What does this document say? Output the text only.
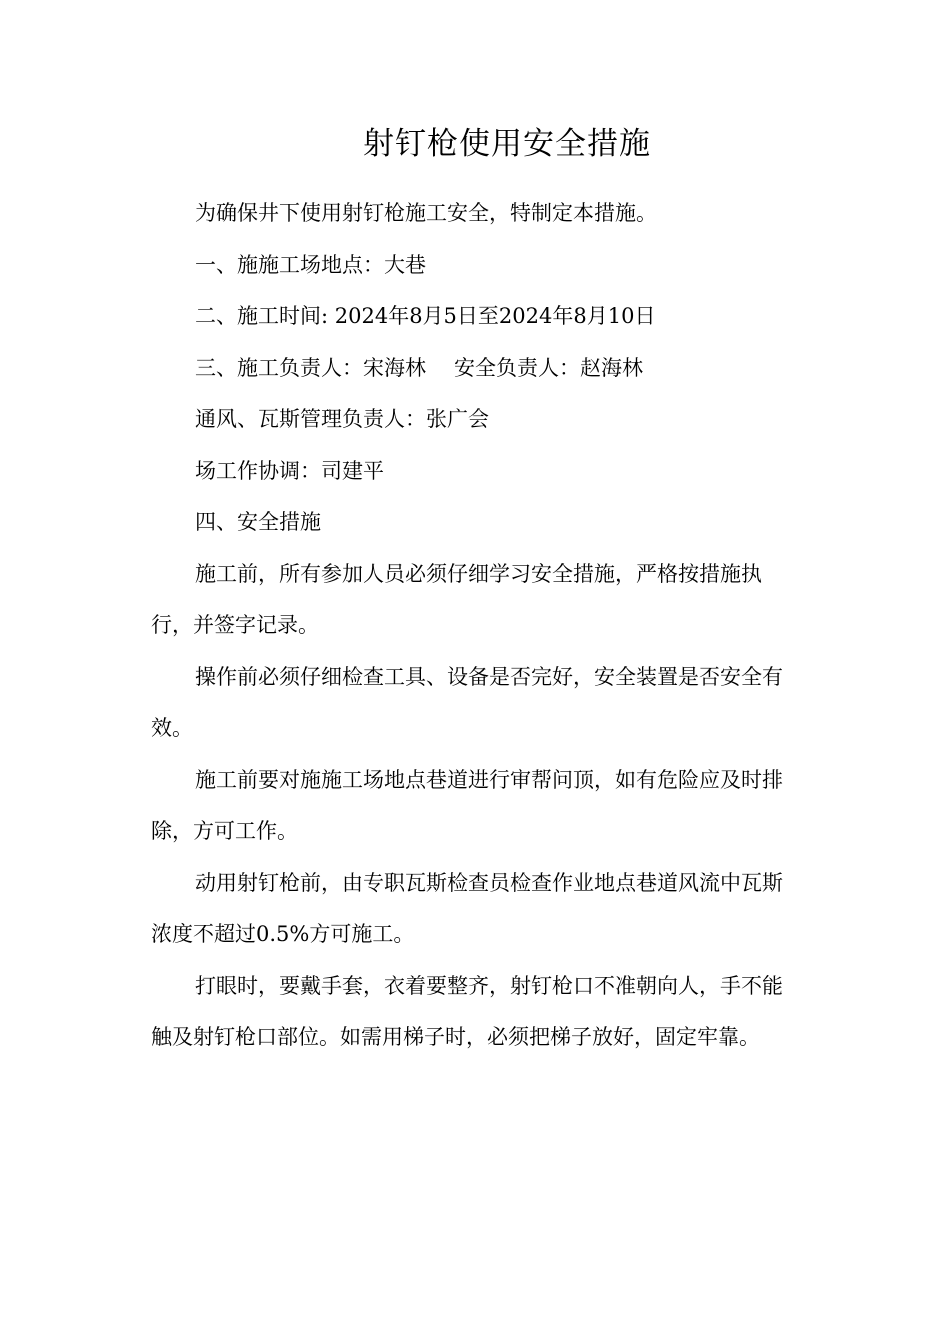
射钉枪使用安全措施

为确保井下使用射钉枪施工安全，特制定本措施。

一、施施工场地点：大巷

二、施工时间: 2024年8月5日至2024年8月10日

三、施工负责人：宋海林 安全负责人：赵海林

通风、瓦斯管理负责人：张广会

场工作协调：司建平

四、安全措施

施工前，所有参加人员必须仔细学习安全措施，严格按措施执行，并签字记录。

操作前必须仔细检查工具、设备是否完好，安全装置是否安全有效。

施工前要对施施工场地点巷道进行审帮问顶，如有危险应及时排除，方可工作。

动用射钉枪前，由专职瓦斯检查员检查作业地点巷道风流中瓦斯浓度不超过0.5%方可施工。

打眼时，要戴手套，衣着要整齐，射钉枪口不准朝向人，手不能触及射钉枪口部位。如需用梯子时，必须把梯子放好，固定牢靠。
